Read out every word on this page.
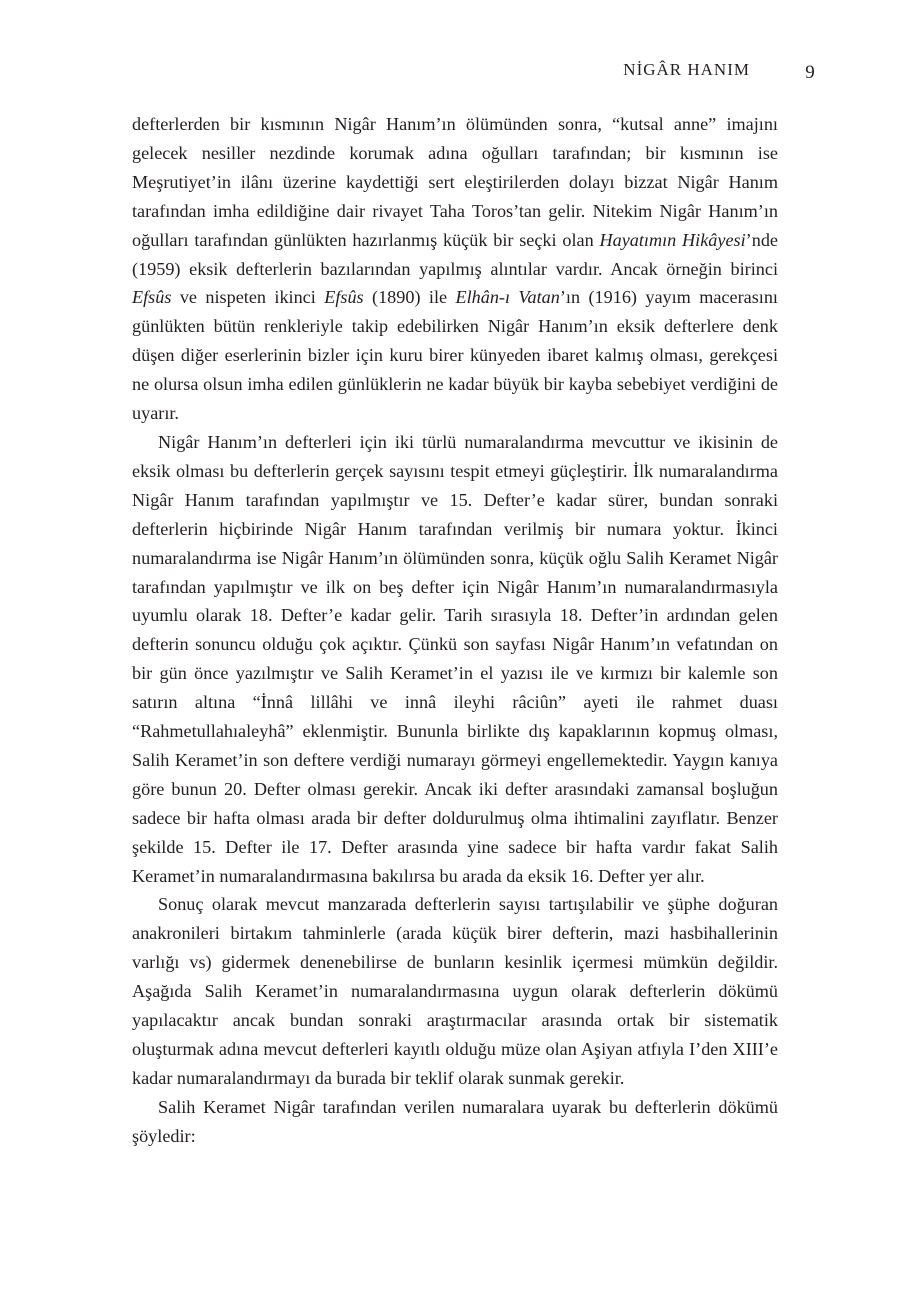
NİGÂR HANIM	9

defterlerden bir kısmının Nigâr Hanım’ın ölümünden sonra, “kutsal anne” imajını gelecek nesiller nezdinde korumak adına oğulları tarafından; bir kısmının ise Meşrutiyet’in ilânı üzerine kaydettiği sert eleştirilerden dolayı bizzat Nigâr Hanım tarafından imha edildiğine dair rivayet Taha Toros’tan gelir. Nitekim Nigâr Hanım’ın oğulları tarafından günlükten hazırlanmış küçük bir seçki olan Hayatımın Hikâyesi’nde (1959) eksik defterlerin bazılarından yapılmış alıntılar vardır. Ancak örneğin birinci Efsûs ve nispeten ikinci Efsûs (1890) ile Elhân-ı Vatan’ın (1916) yayım macerasını günlükten bütün renkleriyle takip edebilirken Nigâr Hanım’ın eksik defterlere denk düşen diğer eserlerinin bizler için kuru birer künyeden ibaret kalmış olması, gerekçesi ne olursa olsun imha edilen günlüklerin ne kadar büyük bir kayba sebebiyet verdiğini de uyarır.

Nigâr Hanım’ın defterleri için iki türlü numaralandırma mevcuttur ve ikisinin de eksik olması bu defterlerin gerçek sayısını tespit etmeyi güçleştirir. İlk numaralandırma Nigâr Hanım tarafından yapılmıştır ve 15. Defter’e kadar sürer, bundan sonraki defterlerin hiçbirinde Nigâr Hanım tarafından verilmiş bir numara yoktur. İkinci numaralandırma ise Nigâr Hanım’ın ölümünden sonra, küçük oğlu Salih Keramet Nigâr tarafından yapılmıştır ve ilk on beş defter için Nigâr Hanım’ın numaralandırmasıyla uyumlu olarak 18. Defter’e kadar gelir. Tarih sırasıyla 18. Defter’in ardından gelen defterin sonuncu olduğu çok açıktır. Çünkü son sayfası Nigâr Hanım’ın vefatından on bir gün önce yazılmıştır ve Salih Keramet’in el yazısı ile ve kırmızı bir kalemle son satırın altına “İnnâ lillâhi ve innâ ileyhi râciûn” ayeti ile rahmet duası “Rahmetullahıaleyhâ” eklenmiştir. Bununla birlikte dış kapaklarının kopmuş olması, Salih Keramet’in son deftere verdiği numarayı görmeyi engellemektedir. Yaygın kanıya göre bunun 20. Defter olması gerekir. Ancak iki defter arasındaki zamansal boşluğun sadece bir hafta olması arada bir defter doldurulmuş olma ihtimalini zayıflatır. Benzer şekilde 15. Defter ile 17. Defter arasında yine sadece bir hafta vardır fakat Salih Keramet’in numaralandırmasına bakılırsa bu arada da eksik 16. Defter yer alır.

Sonuç olarak mevcut manzarada defterlerin sayısı tartışılabilir ve şüphe doğuran anakronileri birtakım tahminlerle (arada küçük birer defterin, mazi hasbihallerinin varlığı vs) gidermek denenebilirse de bunların kesinlik içermesi mümkün değildir. Aşağıda Salih Keramet’in numaralandırmasına uygun olarak defterlerin dökümü yapılacaktır ancak bundan sonraki araştırmacılar arasında ortak bir sistematik oluşturmak adına mevcut defterleri kayıtlı olduğu müze olan Aşiyan atfıyla I’den XIII’e kadar numaralandırmayı da burada bir teklif olarak sunmak gerekir.

Salih Keramet Nigâr tarafından verilen numaralara uyarak bu defterlerin dökümü şöyledir:
